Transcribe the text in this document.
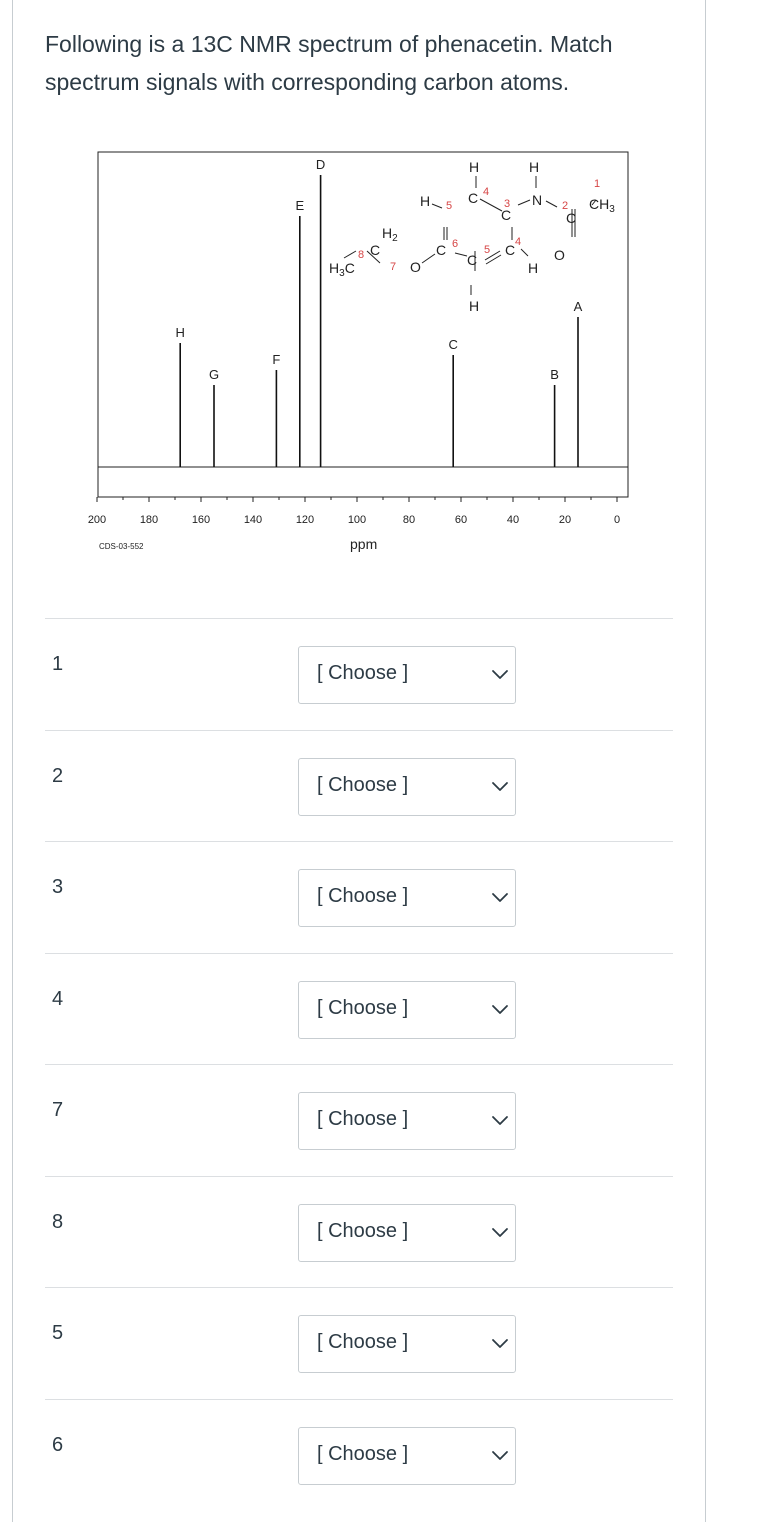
Following is a 13C NMR spectrum of phenacetin. Match spectrum signals with corresponding carbon atoms.
200	180	160	140	120	100	80	60	40	20	0
H
G
F
E
D
C
B
A
CDS-03-552	ppm
H
4
H
H 5 C 3
C
N 2
C
1
$CH_3$
$H_2$
8 C	6
C	5 C 4
$H_3C$	7 O	C	H
O
H
1	[ Choose ]
2	[ Choose ]
3	[ Choose ]
4	[ Choose ]
7	[ Choose ]
8	[ Choose ]
5	[ Choose ]
6	[ Choose ]
